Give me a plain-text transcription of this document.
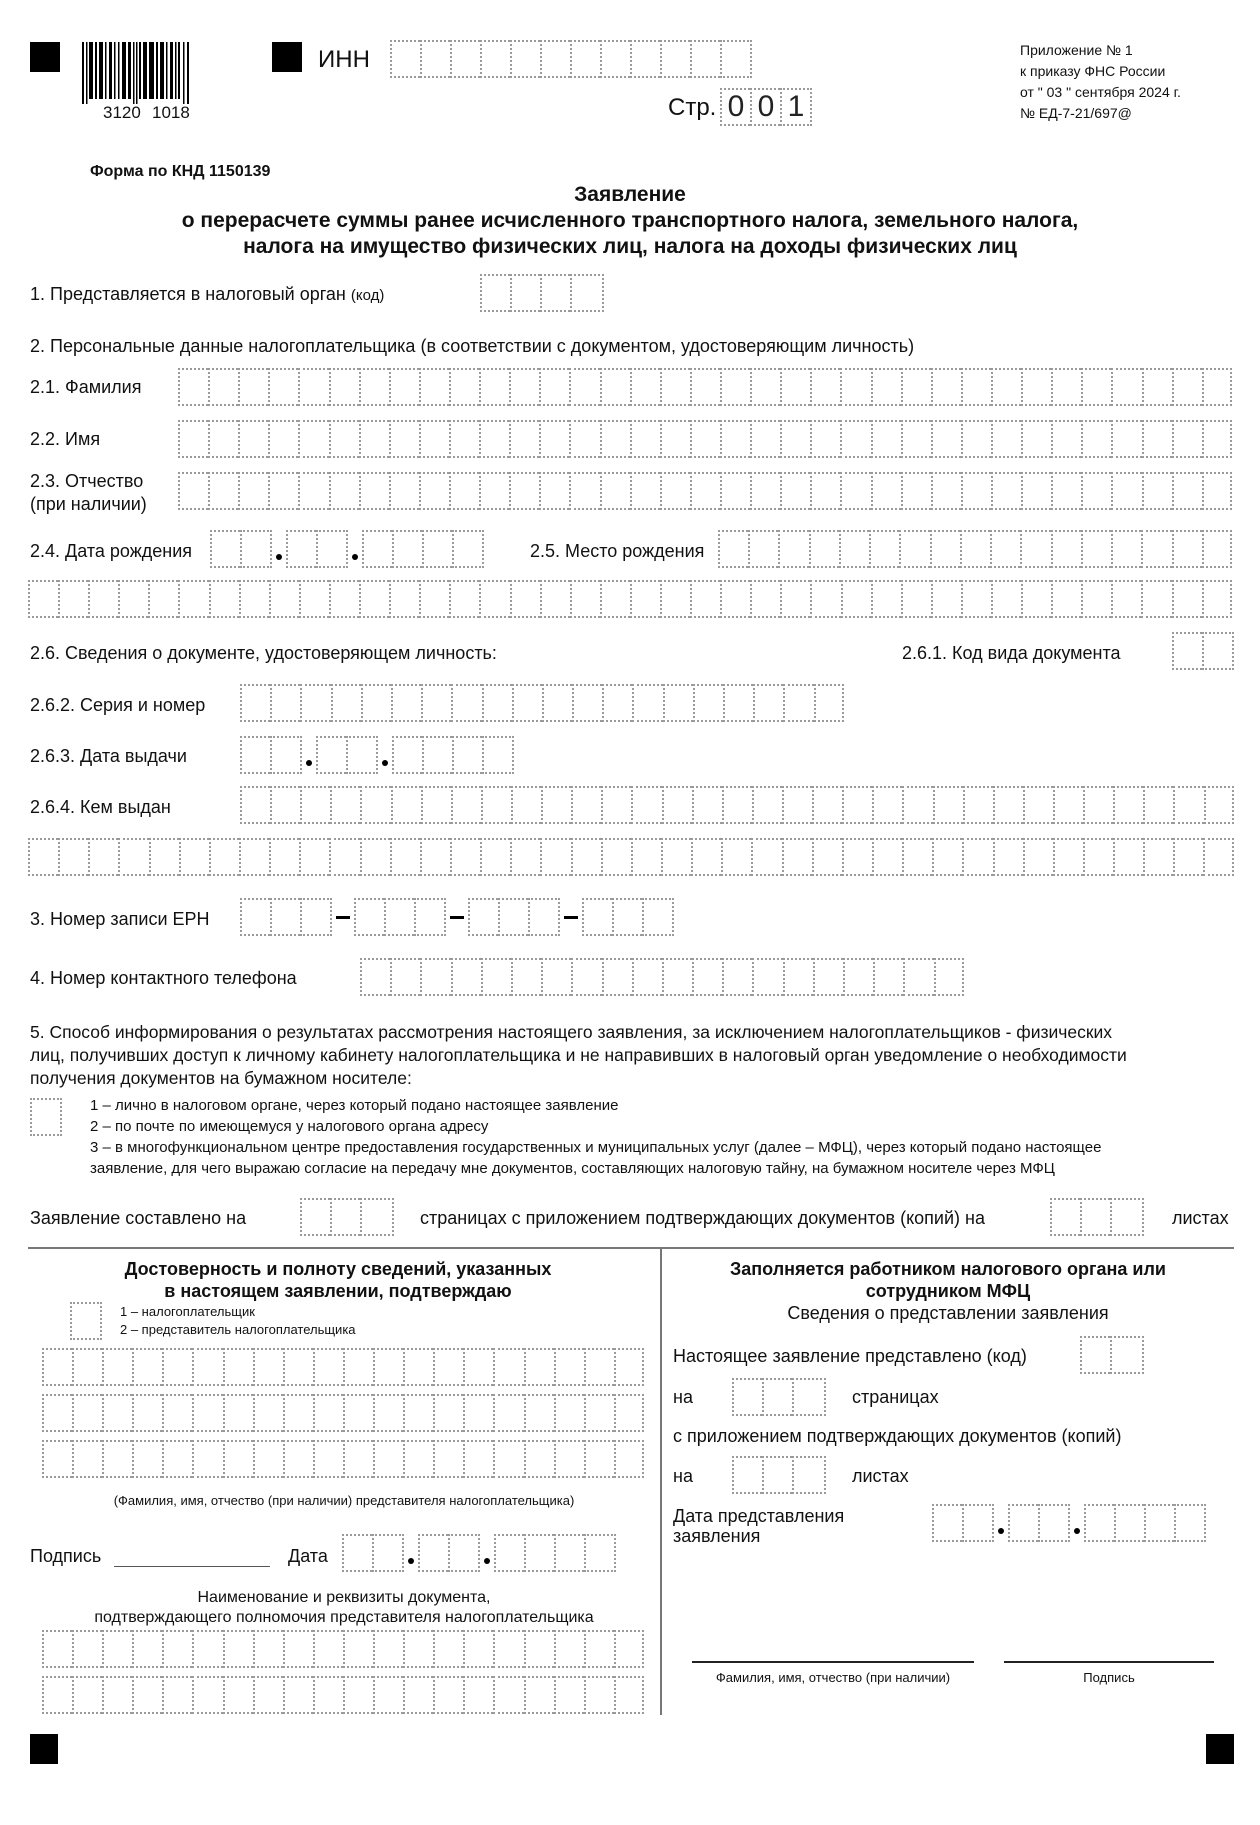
3120 1018
ИНН
Стр. 0 0 1
Приложение № 1
к приказу ФНС России
от " 03 " сентября 2024 г.
№ ЕД-7-21/697@
Форма по КНД 1150139
Заявление
о перерасчете суммы ранее исчисленного транспортного налога, земельного налога,
налога на имущество физических лиц, налога на доходы физических лиц
1. Представляется в налоговый орган (код)
2. Персональные данные налогоплательщика (в соответствии с документом, удостоверяющим личность)
2.1. Фамилия
2.2. Имя
2.3. Отчество
(при наличии)
2.4. Дата рождения	2.5. Место рождения
2.6. Сведения о документе, удостоверяющем личность:	2.6.1. Код вида документа
2.6.2. Серия и номер
2.6.3. Дата выдачи
2.6.4. Кем выдан
3. Номер записи ЕРН
4. Номер контактного телефона
5. Способ информирования о результатах рассмотрения настоящего заявления, за исключением налогоплательщиков - физических
лиц, получивших доступ к личному кабинету налогоплательщика и не направивших в налоговый орган уведомление о необходимости
получения документов на бумажном носителе:
1 – лично в налоговом органе, через который подано настоящее заявление
2 – по почте по имеющемуся у налогового органа адресу
3 – в многофункциональном центре предоставления государственных и муниципальных услуг (далее – МФЦ), через который подано настоящее
заявление, для чего выражаю согласие на передачу мне документов, составляющих налоговую тайну, на бумажном носителе через МФЦ
Заявление составлено на	страницах с приложением подтверждающих документов (копий) на	листах
Достоверность и полноту сведений, указанных
в настоящем заявлении, подтверждаю
1 – налогоплательщик
2 – представитель налогоплательщика
(Фамилия, имя, отчество (при наличии) представителя налогоплательщика)
Подпись	Дата
Наименование и реквизиты документа,
подтверждающего полномочия представителя налогоплательщика
Заполняется работником налогового органа или
сотрудником МФЦ
Сведения о представлении заявления
Настоящее заявление представлено (код)
на	страницах
с приложением подтверждающих документов (копий)
на	листах
Дата представления
заявления
Фамилия, имя, отчество (при наличии)	Подпись
